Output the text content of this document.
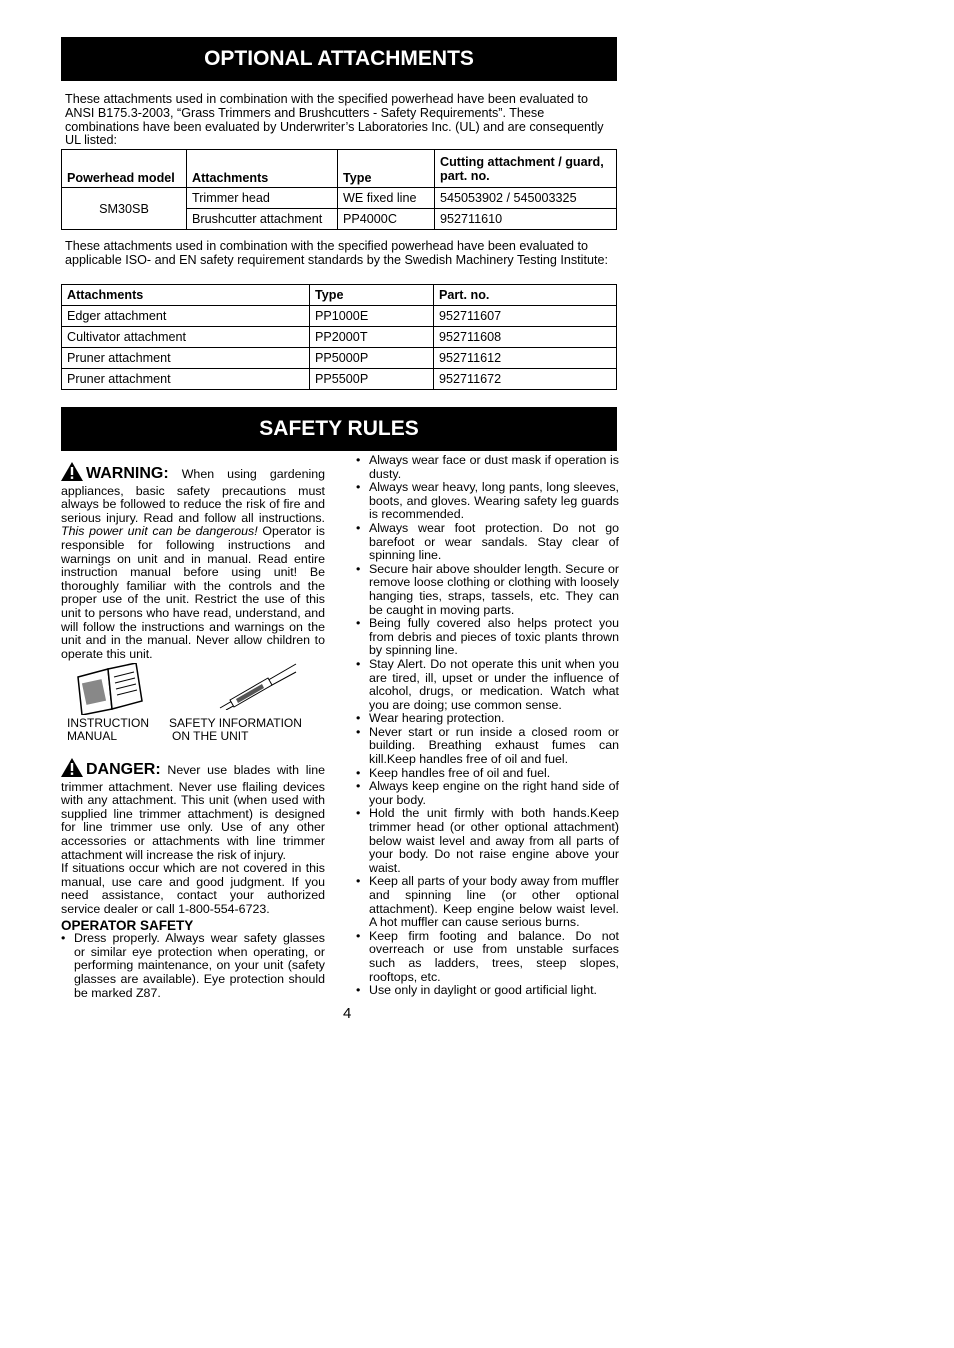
OPTIONAL ATTACHMENTS
These attachments used in combination with the specified powerhead have been evaluated to ANSI B175.3-2003, “Grass Trimmers and Brushcutters - Safety Requirements”. These combinations have been evaluated by Underwriter’s Laboratories Inc. (UL) and are consequently UL listed:
Powerhead model	Attachments	Type	Cutting attachment / guard, part. no.
SM30SB	Trimmer head	WE fixed line	545053902 / 545003325
	Brushcutter attachment	PP4000C	952711610
These attachments used in combination with the specified powerhead have been evaluated to applicable ISO- and EN safety requirement standards by the Swedish Machinery Testing Institute:
Attachments	Type	Part. no.
Edger attachment	PP1000E	952711607
Cultivator attachment	PP2000T	952711608
Pruner attachment	PP5000P	952711612
Pruner attachment	PP5500P	952711672
SAFETY RULES

WARNING: When using gardening appliances, basic safety precautions must always be followed to reduce the risk of fire and serious injury. Read and follow all instructions. This power unit can be dangerous! Operator is responsible for following instructions and warnings on unit and in manual. Read entire instruction manual before using unit! Be thoroughly familiar with the controls and the proper use of the unit. Restrict the use of this unit to persons who have read, understand, and will follow the instructions and warnings on the unit and in the manual. Never allow children to operate this unit.

INSTRUCTION
MANUAL
SAFETY INFORMATION
ON THE UNIT

DANGER: Never use blades with line trimmer attachment. Never use flailing devices with any attachment. This unit (when used with supplied line trimmer attachment) is designed for line trimmer use only. Use of any other accessories or attachments with line trimmer attachment will increase the risk of injury.

If situations occur which are not covered in this manual, use care and good judgment. If you need assistance, contact your authorized service dealer or call 1-800-554-6723.

OPERATOR SAFETY
• Dress properly. Always wear safety glasses or similar eye protection when operating, or performing maintenance, on your unit (safety glasses are available). Eye protection should be marked Z87.
• Always wear face or dust mask if operation is dusty.
• Always wear heavy, long pants, long sleeves, boots, and gloves. Wearing safety leg guards is recommended.
• Always wear foot protection. Do not go barefoot or wear sandals. Stay clear of spinning line.
• Secure hair above shoulder length. Secure or remove loose clothing or clothing with loosely hanging ties, straps, tassels, etc. They can be caught in moving parts.
• Being fully covered also helps protect you from debris and pieces of toxic plants thrown by spinning line.
• Stay Alert. Do not operate this unit when you are tired, ill, upset or under the influence of alcohol, drugs, or medication. Watch what you are doing; use common sense.
• Wear hearing protection.
• Never start or run inside a closed room or building. Breathing exhaust fumes can kill.Keep handles free of oil and fuel.
• Keep handles free of oil and fuel.
• Always keep engine on the right hand side of your body.
• Hold the unit firmly with both hands.Keep trimmer head (or other optional attachment) below waist level and away from all parts of your body. Do not raise engine above your waist.
• Keep all parts of your body away from muffler and spinning line (or other optional attachment). Keep engine below waist level. A hot muffler can cause serious burns.
• Keep firm footing and balance. Do not overreach or use from unstable surfaces such as ladders, trees, steep slopes, rooftops, etc.
• Use only in daylight or good artificial light.
4
